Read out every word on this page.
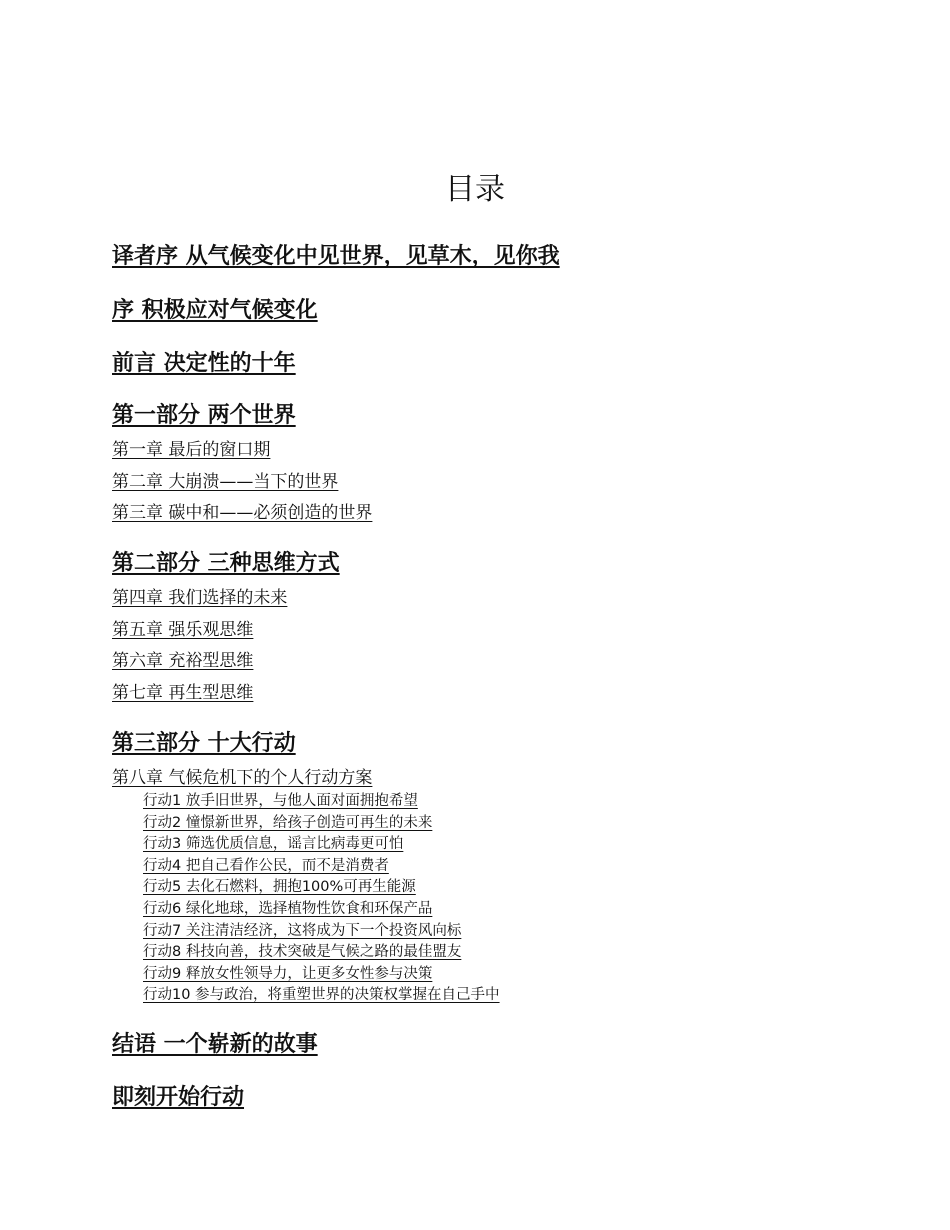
目录
译者序 从气候变化中见世界，见草木，见你我
序 积极应对气候变化
前言 决定性的十年
第一部分 两个世界
第一章 最后的窗口期
第二章 大崩溃——当下的世界
第三章 碳中和——必须创造的世界
第二部分 三种思维方式
第四章 我们选择的未来
第五章 强乐观思维
第六章 充裕型思维
第七章 再生型思维
第三部分 十大行动
第八章 气候危机下的个人行动方案
行动1 放手旧世界，与他人面对面拥抱希望
行动2 憧憬新世界，给孩子创造可再生的未来
行动3 筛选优质信息，谣言比病毒更可怕
行动4 把自己看作公民，而不是消费者
行动5 去化石燃料，拥抱100%可再生能源
行动6 绿化地球，选择植物性饮食和环保产品
行动7 关注清洁经济，这将成为下一个投资风向标
行动8 科技向善，技术突破是气候之路的最佳盟友
行动9 释放女性领导力，让更多女性参与决策
行动10 参与政治，将重塑世界的决策权掌握在自己手中
结语 一个崭新的故事
即刻开始行动
